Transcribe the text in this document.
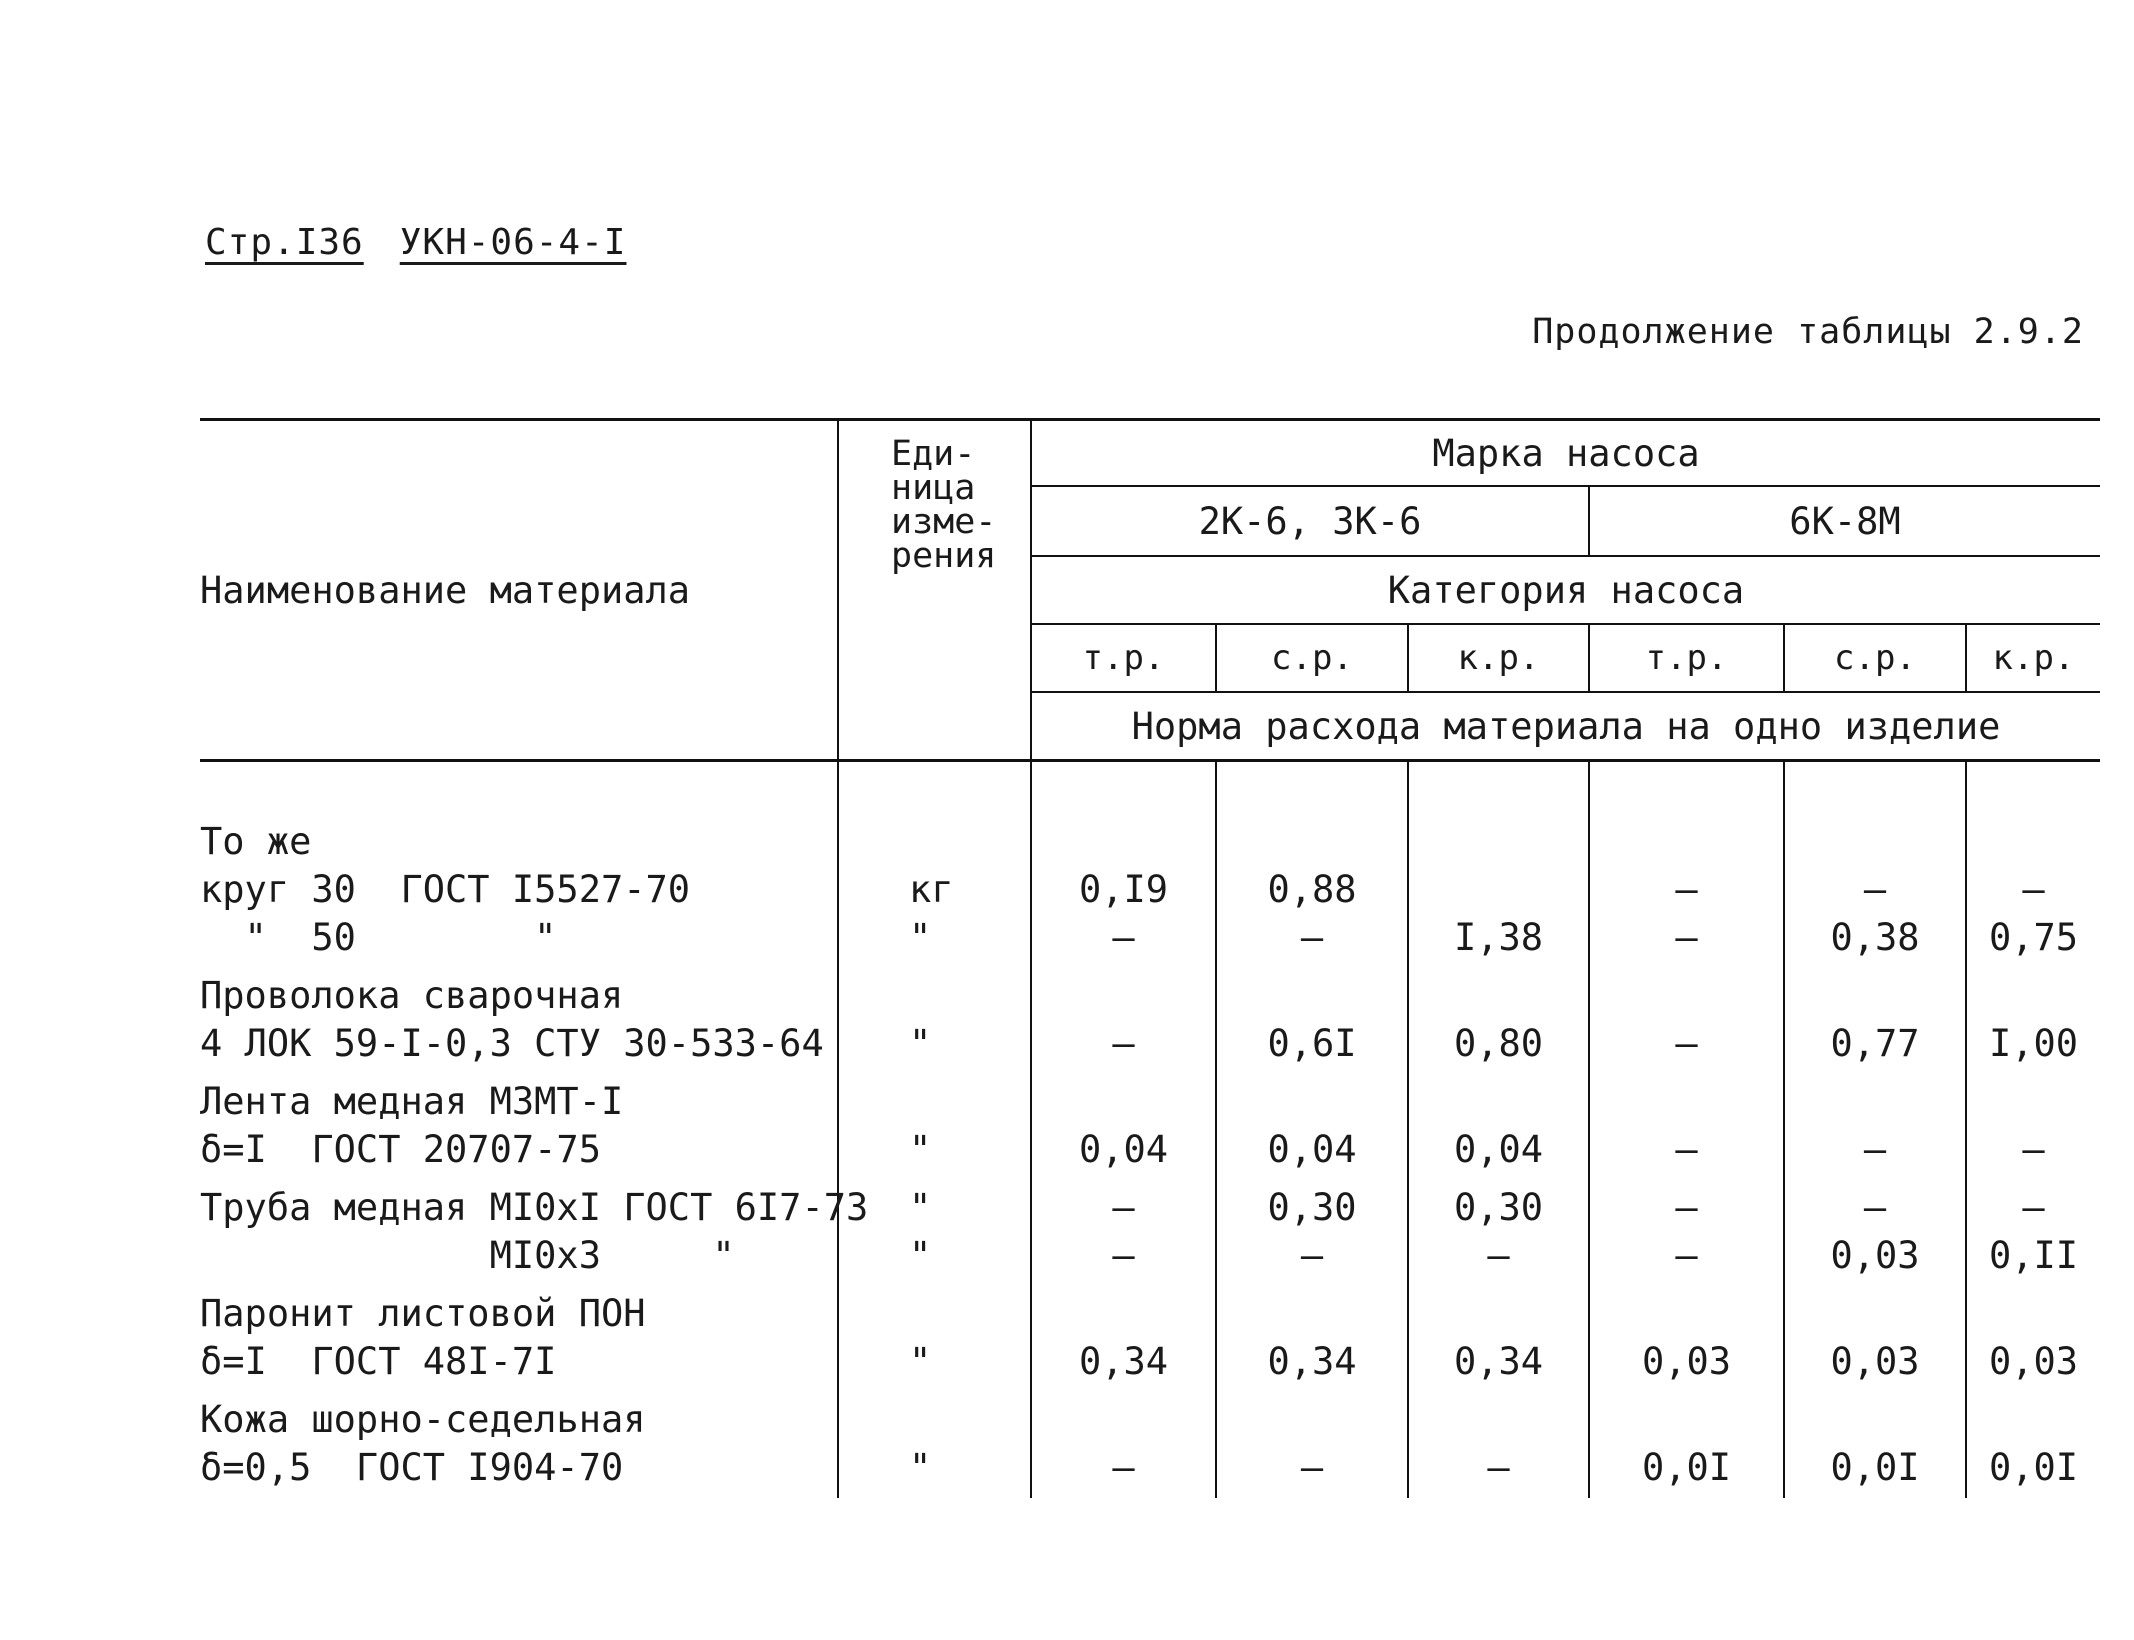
Стр.I36 УКН-06-4-I
Продолжение таблицы 2.9.2
Наименование материала	Еди-
ница
изме-
рения	Марка насоса					
		2К-6, 3К-6			6К-8М		
		Категория насоса					
		т.р.	с.р.	к.р.	т.р.	с.р.	к.р.
		Норма расхода материала на одно изделие					
То же
круг 30  ГОСТ I5527-70
"  50        "	
кг
"	
0,I9
–	
0,88
–	
I,38	
–
–	
–
0,38	
–
0,75
Проволока сварочная
4 ЛОК 59-I-0,3 СТУ 30-533-64	
"	
–	
0,6I	
0,80	
–	
0,77	
I,00
Лента медная МЗМТ-I
δ=I  ГОСТ 20707-75	
"	
0,04	
0,04	
0,04	
–	
–	
–
Труба медная МI0хI ГОСТ 6I7-73
МI0х3     "	"
"	–
–	0,30
–	0,30
–	–
–	–
0,03	–
0,II
Паронит листовой ПОН
δ=I  ГОСТ 48I-7I	
"	
0,34	
0,34	
0,34	
0,03	
0,03	
0,03
Кожа шорно-седельная
δ=0,5  ГОСТ I904-70	
"	
–	
–	
–	
0,0I	
0,0I	
0,0I
